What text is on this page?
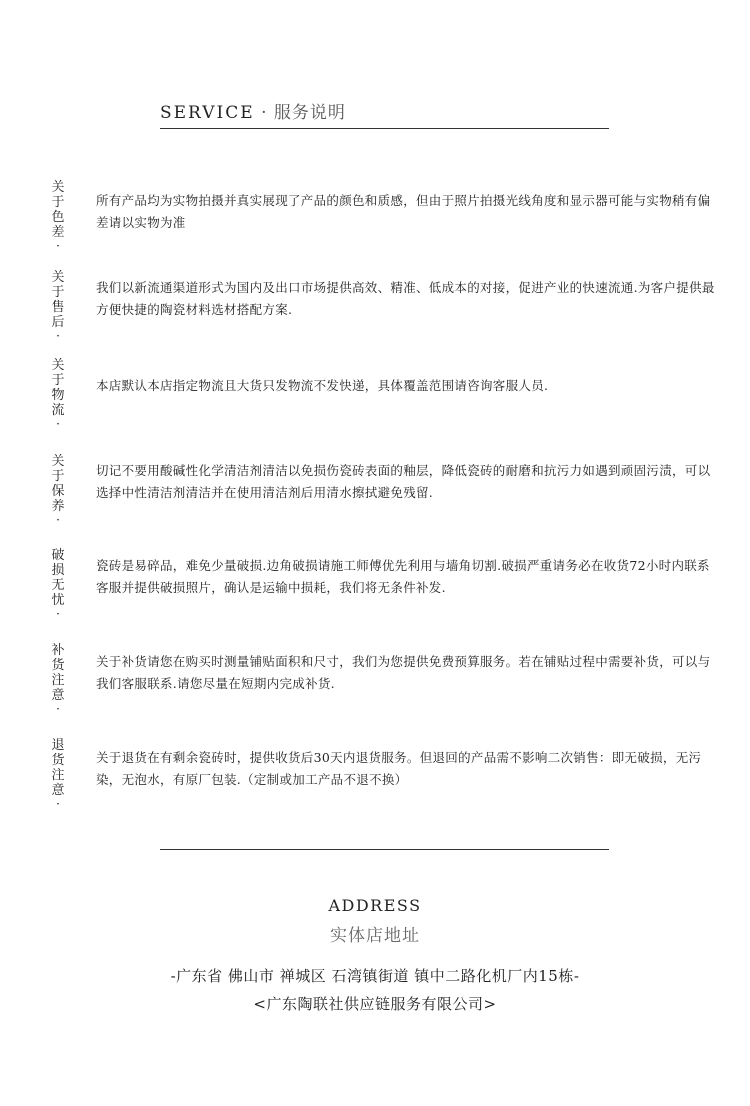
SERVICE · 服务说明
关于色差
·
所有产品均为实物拍摄并真实展现了产品的颜色和质感，但由于照片拍摄光线角度和显示器可能与实物稍有偏差请以实物为准
关于售后
·
我们以新流通渠道形式为国内及出口市场提供高效、精准、低成本的对接，促进产业的快速流通.为客户提供最方便快捷的陶瓷材料选材搭配方案.
关于物流
·
本店默认本店指定物流且大货只发物流不发快递，具体覆盖范围请咨询客服人员.
关于保养
·
切记不要用酸碱性化学清洁剂清洁以免损伤瓷砖表面的釉层，降低瓷砖的耐磨和抗污力如遇到顽固污渍，可以选择中性清洁剂清洁并在使用清洁剂后用清水擦拭避免残留.
破损无忧
·
瓷砖是易碎品，难免少量破损.边角破损请施工师傅优先利用与墙角切割.破损严重请务必在收货72小时内联系客服并提供破损照片，确认是运输中损耗，我们将无条件补发.
补货注意
·
关于补货请您在购买时测量铺贴面积和尺寸，我们为您提供免费预算服务。若在铺贴过程中需要补货，可以与我们客服联系.请您尽量在短期内完成补货.
退货注意
·
关于退货在有剩余瓷砖时，提供收货后30天内退货服务。但退回的产品需不影响二次销售：即无破损，无污染，无泡水，有原厂包装.（定制或加工产品不退不换）
ADDRESS
实体店地址
-广东省 佛山市 禅城区 石湾镇街道 镇中二路化机厂内15栋-
<广东陶联社供应链服务有限公司>
